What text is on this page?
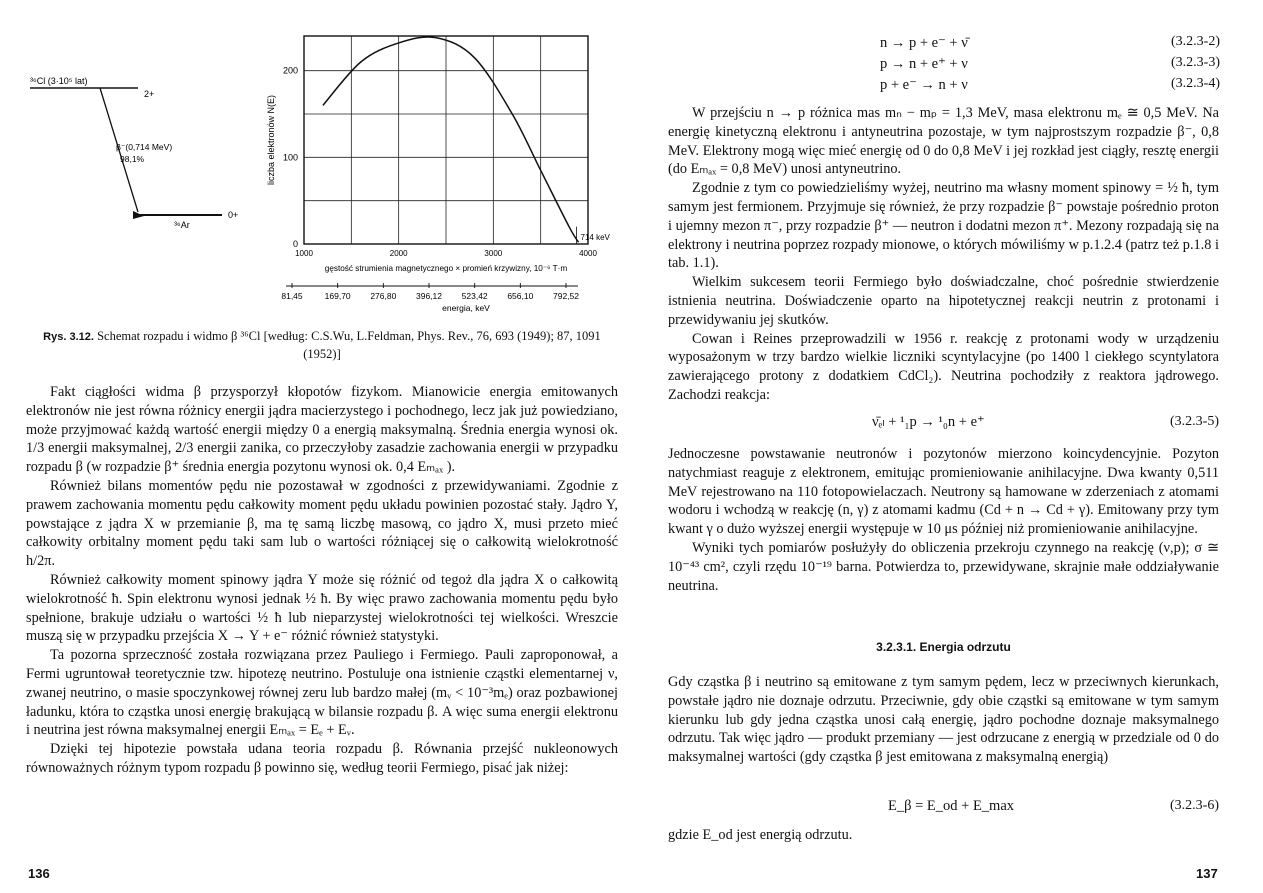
³⁶Cl (3·10⁵ lat)
2+
β⁻(0,714 MeV)
98,1%
³⁶Ar
0+
1000	2000	3000	4000
0
100
200
liczba elektronów N(E)
gęstość strumienia magnetycznego × promień krzywizny, 10⁻⁶ T·m
714 keV
81,45	169,70 276,80 396,12 523,42 656,10 792,52
energia, keV
Rys. 3.12. Schemat rozpadu i widmo β ³⁶Cl [według: C.S.Wu, L.Feldman, Phys. Rev., 76, 693 (1949); 87, 1091 (1952)]

Fakt ciągłości widma β przysporzył kłopotów fizykom. Mianowicie energia emitowanych elektronów nie jest równa różnicy energii jądra macierzystego i pochodnego, lecz jak już powiedziano, może przyjmować każdą wartość energii między 0 a energią maksymalną. Średnia energia wynosi ok. 1/3 energii maksymalnej, 2/3 energii zanika, co przeczyłoby zasadzie zachowania energii w przypadku rozpadu β (w rozpadzie β⁺ średnia energia pozytonu wynosi ok. 0,4 Eₘₐₓ ).

Również bilans momentów pędu nie pozostawał w zgodności z przewidywaniami. Zgodnie z prawem zachowania momentu pędu całkowity moment pędu układu powinien pozostać stały. Jądro Y, powstające z jądra X w przemianie β, ma tę samą liczbę masową, co jądro X, musi przeto mieć całkowity orbitalny moment pędu taki sam lub o wartości różniącej się o całkowitą wielokrotność h/2π.

Również całkowity moment spinowy jądra Y może się różnić od tegoż dla jądra X o całkowitą wielokrotność ħ. Spin elektronu wynosi jednak ½ ħ. By więc prawo zachowania momentu pędu było spełnione, brakuje udziału o wartości ½ ħ lub nieparzystej wielokrotności tej wielkości. Wreszcie muszą się w przypadku przejścia X → Y + e⁻ różnić również statystyki.

Ta pozorna sprzeczność została rozwiązana przez Pauliego i Fermiego. Pauli zaproponował, a Fermi ugruntował teoretycznie tzw. hipotezę neutrino. Postuluje ona istnienie cząstki elementarnej ν, zwanej neutrino, o masie spoczynkowej równej zeru lub bardzo małej (mᵥ < 10⁻³mₑ) oraz pozbawionej ładunku, która to cząstka unosi energię brakującą w bilansie rozpadu β. A więc suma energii elektronu i neutrina jest równa maksymalnej energii Eₘₐₓ = Eₑ + Eᵥ.

Dzięki tej hipotezie powstała udana teoria rozpadu β. Równania przejść nukleonowych równoważnych różnym typom rozpadu β powinno się, według teorii Fermiego, pisać jak niżej:

136
n → p + e⁻ + ν̄	(3.2.3-2)
p → n + e⁺ + ν	(3.2.3-3)
p + e⁻ → n + ν	(3.2.3-4)

W przejściu n → p różnica mas mₙ − mₚ = 1,3 MeV, masa elektronu mₑ ≅ 0,5 MeV. Na energię kinetyczną elektronu i antyneutrina pozostaje, w tym najprostszym rozpadzie β⁻, 0,8 MeV. Elektrony mogą więc mieć energię od 0 do 0,8 MeV i jej rozkład jest ciągły, resztę energii (do Eₘₐₓ = 0,8 MeV) unosi antyneutrino.

Zgodnie z tym co powiedzieliśmy wyżej, neutrino ma własny moment spinowy = ½ ħ, tym samym jest fermionem. Przyjmuje się również, że przy rozpadzie β⁻ powstaje pośrednio proton i ujemny mezon π⁻, przy rozpadzie β⁺ — neutron i dodatni mezon π⁺. Mezony rozpadają się na elektrony i neutrina poprzez rozpady mionowe, o których mówiliśmy w p.1.2.4 (patrz też p.1.8 i tab. 1.1).

Wielkim sukcesem teorii Fermiego było doświadczalne, choć pośrednie stwierdzenie istnienia neutrina. Doświadczenie oparto na hipotetycznej reakcji neutrin z protonami i przewidywaniu jej skutków.

Cowan i Reines przeprowadzili w 1956 r. reakcję z protonami wody w urządzeniu wyposażonym w trzy bardzo wielkie liczniki scyntylacyjne (po 1400 l ciekłego scyntylatora zawierającego protony z dodatkiem CdCl₂). Neutrina pochodziły z reaktora jądrowego. Zachodzi reakcja:

ν̄ₑₗ + ¹₁p → ¹₀n + e⁺	(3.2.3-5)

Jednoczesne powstawanie neutronów i pozytonów mierzono koincydencyjnie. Pozyton natychmiast reaguje z elektronem, emitując promieniowanie anihilacyjne. Dwa kwanty 0,511 MeV rejestrowano na 110 fotopowielaczach. Neutrony są hamowane w zderzeniach z atomami wodoru i wchodzą w reakcję (n, γ) z atomami kadmu (Cd + n → Cd + γ). Emitowany przy tym kwant γ o dużo wyższej energii występuje w 10 μs później niż promieniowanie anihilacyjne.

Wyniki tych pomiarów posłużyły do obliczenia przekroju czynnego na reakcję (ν,p); σ ≅ 10⁻⁴³ cm², czyli rzędu 10⁻¹⁹ barna. Potwierdza to, przewidywane, skrajnie małe oddziaływanie neutrina.

3.2.3.1. Energia odrzutu

Gdy cząstka β i neutrino są emitowane z tym samym pędem, lecz w przeciwnych kierunkach, powstałe jądro nie doznaje odrzutu. Przeciwnie, gdy obie cząstki są emitowane w tym samym kierunku lub gdy jedna cząstka unosi całą energię, jądro pochodne doznaje maksymalnego odrzutu. Tak więc jądro — produkt przemiany — jest odrzucane z energią w przedziale od 0 do maksymalnej wartości (gdy cząstka β jest emitowana z maksymalną energią)

E_β = E_od + E_max	(3.2.3-6)
gdzie E_od jest energią odrzutu.
137
